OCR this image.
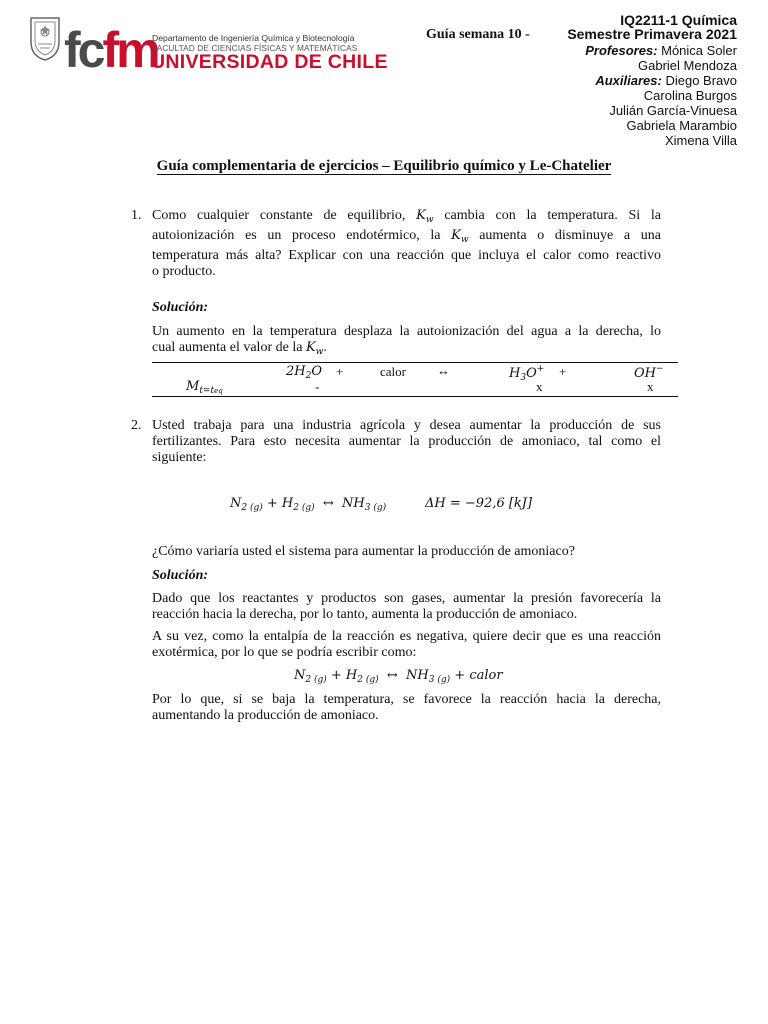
fcfm
Departamento de Ingeniería Química y Biotecnología
FACULTAD DE CIENCIAS FÍSICAS Y MATEMÁTICAS
UNIVERSIDAD DE CHILE
Guía semana 10 -
IQ2211-1 Química
Semestre Primavera 2021
Profesores: Mónica Soler
Gabriel Mendoza
Auxiliares: Diego Bravo
Carolina Burgos
Julián García-Vinuesa
Gabriela Marambio
Ximena Villa
Guía complementaria de ejercicios – Equilibrio químico y Le-Chatelier
1. Como cualquier constante de equilibrio, $K_w$ cambia con la temperatura. Si la
autoionización es un proceso endotérmico, la $K_w$ aumenta o disminuye a una
temperatura más alta? Explicar con una reacción que incluya el calor como reactivo
o producto.
Solución:
Un aumento en la temperatura desplaza la autoionización del agua a la derecha, lo
cual aumenta el valor de la $K_w$.
$2H_2O$ +	calor ↔	$H_3O^+$ +	OH−
$M_{t=teq}$	-	x	x
2. Usted trabaja para una industria agrícola y desea aumentar la producción de sus
fertilizantes. Para esto necesita aumentar la producción de amoniaco, tal como el
siguiente:
$N_{2 (g)} + H_{2 (g)}$ ↔  $NH_{3 (g)}$	ΔH = −92,6 [kJ]
¿Cómo variaría usted el sistema para aumentar la producción de amoniaco?
Solución:
Dado que los reactantes y productos son gases, aumentar la presión favorecería la
reacción hacia la derecha, por lo tanto, aumenta la producción de amoniaco.
A su vez, como la entalpía de la reacción es negativa, quiere decir que es una reacción
exotérmica, por lo que se podría escribir como:
$N_{2 (g)} + H_{2 (g)}$ ↔  $NH_{3 (g)}$ + calor
Por lo que, si se baja la temperatura, se favorece la reacción hacia la derecha,
aumentando la producción de amoniaco.
